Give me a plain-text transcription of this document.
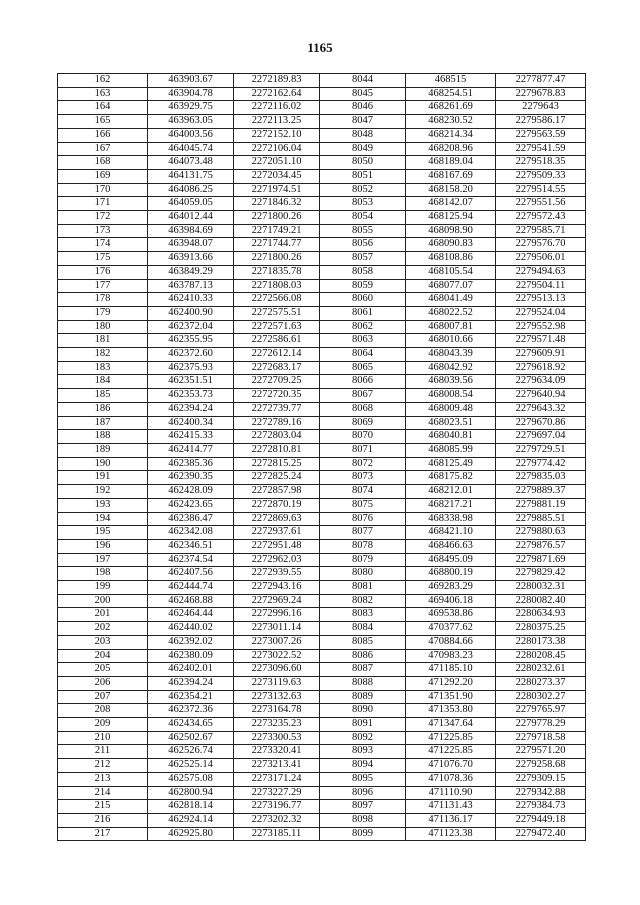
1165
162	463903.67	2272189.83	8044	468515	2277877.47
163	463904.78	2272162.64	8045	468254.51	2279678.83
164	463929.75	2272116.02	8046	468261.69	2279643
165	463963.05	2272113.25	8047	468230.52	2279586.17
166	464003.56	2272152.10	8048	468214.34	2279563.59
167	464045.74	2272106.04	8049	468208.96	2279541.59
168	464073.48	2272051.10	8050	468189.04	2279518.35
169	464131.75	2272034.45	8051	468167.69	2279509.33
170	464086.25	2271974.51	8052	468158.20	2279514.55
171	464059.05	2271846.32	8053	468142.07	2279551.56
172	464012.44	2271800.26	8054	468125.94	2279572.43
173	463984.69	2271749.21	8055	468098.90	2279585.71
174	463948.07	2271744.77	8056	468090.83	2279576.70
175	463913.66	2271800.26	8057	468108.86	2279506.01
176	463849.29	2271835.78	8058	468105.54	2279494.63
177	463787.13	2271808.03	8059	468077.07	2279504.11
178	462410.33	2272566.08	8060	468041.49	2279513.13
179	462400.90	2272575.51	8061	468022.52	2279524.04
180	462372.04	2272571.63	8062	468007.81	2279552.98
181	462355.95	2272586.61	8063	468010.66	2279571.48
182	462372.60	2272612.14	8064	468043.39	2279609.91
183	462375.93	2272683.17	8065	468042.92	2279618.92
184	462351.51	2272709.25	8066	468039.56	2279634.09
185	462353.73	2272720.35	8067	468008.54	2279640.94
186	462394.24	2272739.77	8068	468009.48	2279643.32
187	462400.34	2272789.16	8069	468023.51	2279670.86
188	462415.33	2272803.04	8070	468040.81	2279697.04
189	462414.77	2272810.81	8071	468085.99	2279729.51
190	462385.36	2272815.25	8072	468125.49	2279774.42
191	462390.35	2272825.24	8073	468175.82	2279835.03
192	462428.09	2272857.98	8074	468212.01	2279889.37
193	462423.65	2272870.19	8075	468217.21	2279881.19
194	462386.47	2272869.63	8076	468338.98	2279885.51
195	462342.08	2272937.61	8077	468421.10	2279880.63
196	462346.51	2272951.48	8078	468466.63	2279876.57
197	462374.54	2272962.03	8079	468495.09	2279871.69
198	462407.56	2272939.55	8080	468800.19	2279829.42
199	462444.74	2272943.16	8081	469283.29	2280032.31
200	462468.88	2272969.24	8082	469406.18	2280082.40
201	462464.44	2272996.16	8083	469538.86	2280634.93
202	462440.02	2273011.14	8084	470377.62	2280375.25
203	462392.02	2273007.26	8085	470884.66	2280173.38
204	462380.09	2273022.52	8086	470983.23	2280208.45
205	462402.01	2273096.60	8087	471185.10	2280232.61
206	462394.24	2273119.63	8088	471292.20	2280273.37
207	462354.21	2273132.63	8089	471351.90	2280302.27
208	462372.36	2273164.78	8090	471353.80	2279765.97
209	462434.65	2273235.23	8091	471347.64	2279778.29
210	462502.67	2273300.53	8092	471225.85	2279718.58
211	462526.74	2273320.41	8093	471225.85	2279571.20
212	462525.14	2273213.41	8094	471076.70	2279258.68
213	462575.08	2273171.24	8095	471078.36	2279309.15
214	462800.94	2273227.29	8096	471110.90	2279342.88
215	462818.14	2273196.77	8097	471131.43	2279384.73
216	462924.14	2273202.32	8098	471136.17	2279449.18
217	462925.80	2273185.11	8099	471123.38	2279472.40
